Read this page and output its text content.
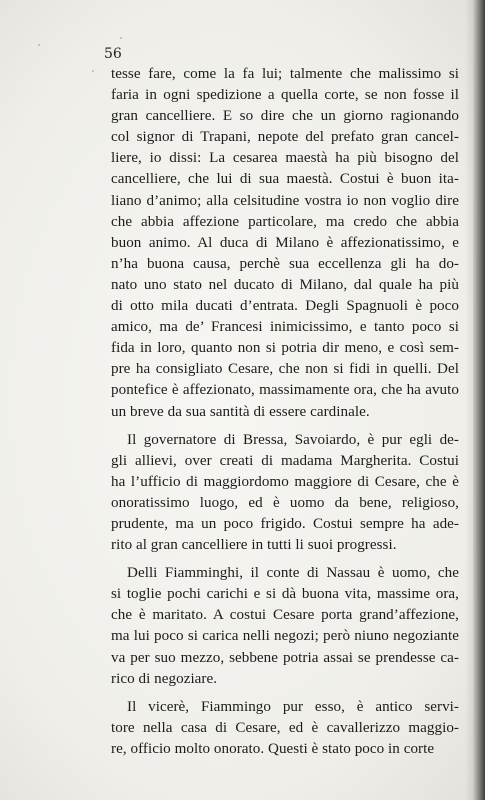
56
tesse fare, come la fa lui; talmente che malissimo si
faria in ogni spedizione a quella corte, se non fosse il
gran cancelliere. E so dire che un giorno ragionando
col signor di Trapani, nepote del prefato gran cancel-
liere, io dissi: La cesarea maestà ha più bisogno del
cancelliere, che lui di sua maestà. Costui è buon ita-
liano d’animo; alla celsitudine vostra io non voglio dire
che abbia affezione particolare, ma credo che abbia
buon animo. Al duca di Milano è affezionatissimo, e
n’ha buona causa, perchè sua eccellenza gli ha do-
nato uno stato nel ducato di Milano, dal quale ha più
di otto mila ducati d’entrata. Degli Spagnuoli è poco
amico, ma de’ Francesi inimicissimo, e tanto poco si
fida in loro, quanto non si potria dir meno, e così sem-
pre ha consigliato Cesare, che non si fidi in quelli. Del
pontefice è affezionato, massimamente ora, che ha avuto
un breve da sua santità di essere cardinale.
Il governatore di Bressa, Savoiardo, è pur egli de-
gli allievi, over creati di madama Margherita. Costui
ha l’ufficio di maggiordomo maggiore di Cesare, che è
onoratissimo luogo, ed è uomo da bene, religioso,
prudente, ma un poco frigido. Costui sempre ha ade-
rito al gran cancelliere in tutti li suoi progressi.
Delli Fiamminghi, il conte di Nassau è uomo, che
si toglie pochi carichi e si dà buona vita, massime ora,
che è maritato. A costui Cesare porta grand’affezione,
ma lui poco si carica nelli negozi; però niuno negoziante
va per suo mezzo, sebbene potria assai se prendesse ca-
rico di negoziare.
Il vicerè, Fiammingo pur esso, è antico servi-
tore nella casa di Cesare, ed è cavallerizzo maggio-
re, officio molto onorato. Questi è stato poco in corte
